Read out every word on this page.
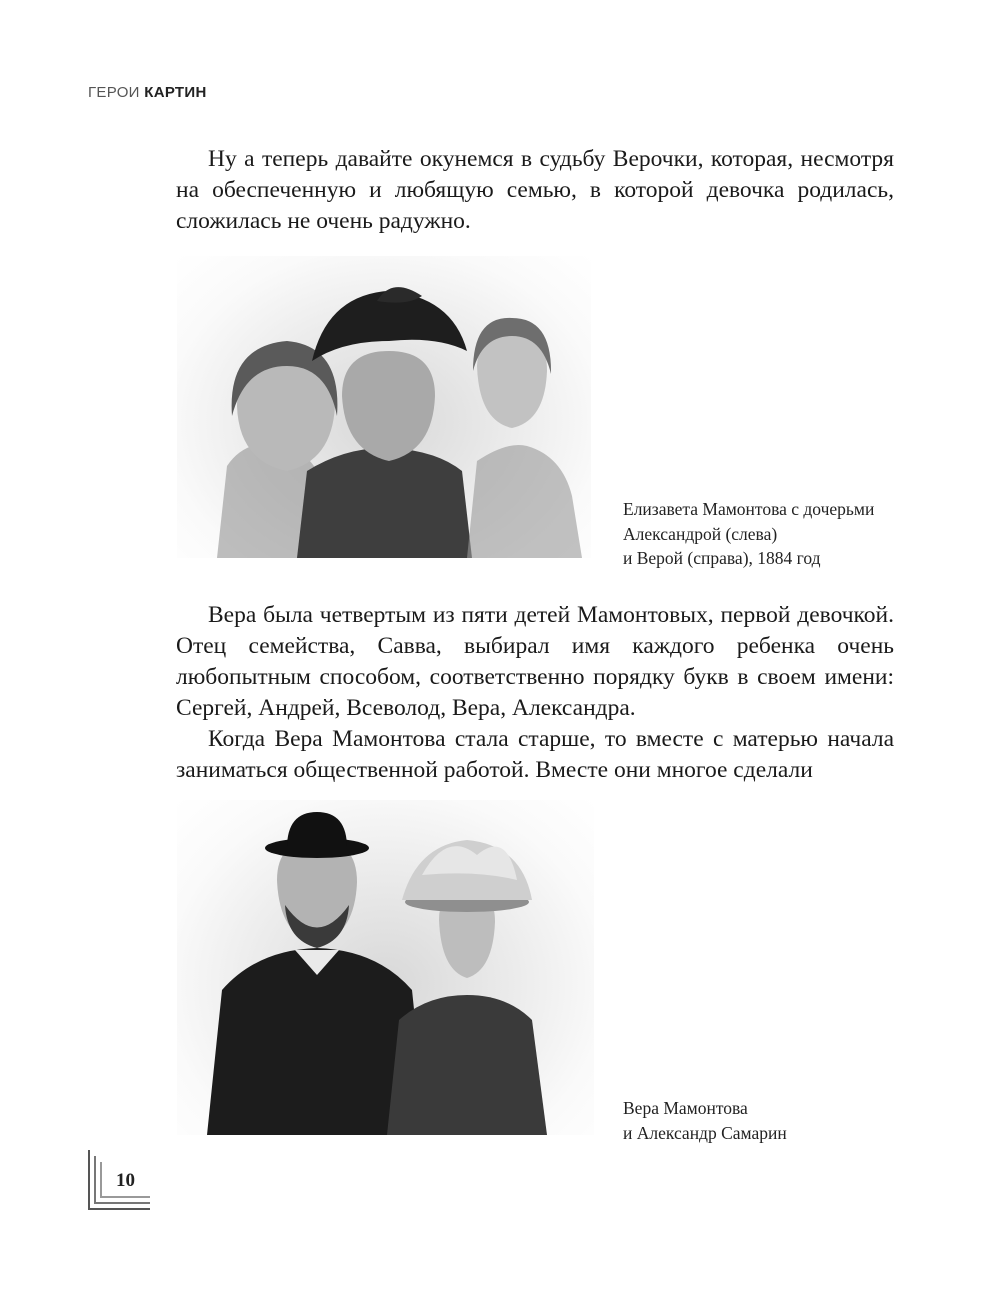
ГЕРОИ КАРТИН

Ну а теперь давайте окунемся в судьбу Верочки, которая, несмотря на обеспеченную и любящую семью, в которой девочка родилась, сложилась не очень радужно.

Елизавета Мамонтова с дочерьми
Александрой (слева)
и Верой (справа), 1884 год

Вера была четвертым из пяти детей Мамонтовых, первой девочкой. Отец семейства, Савва, выбирал имя каждого ребенка очень любопытным способом, соответственно порядку букв в своем имени: Сергей, Андрей, Всеволод, Вера, Александра.

Когда Вера Мамонтова стала старше, то вместе с матерью начала заниматься общественной работой. Вместе они многое сделали

Вера Мамонтова
и Александр Самарин
10
